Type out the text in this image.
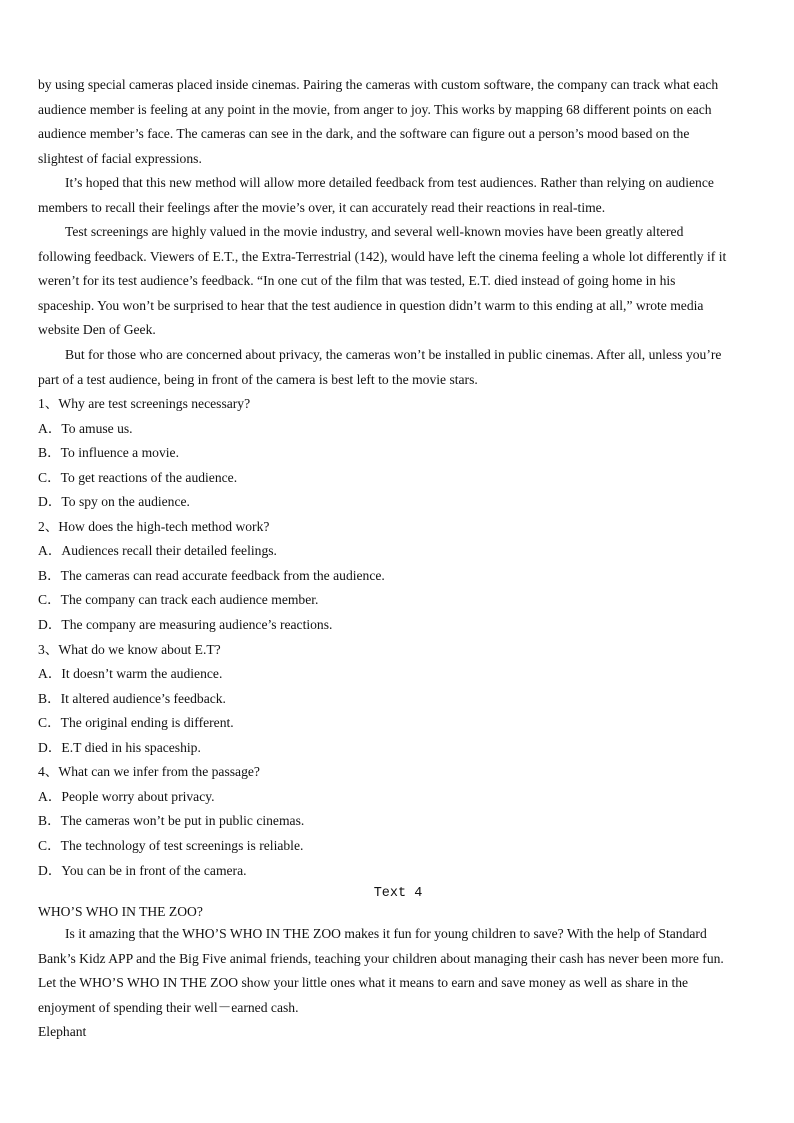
by using special cameras placed inside cinemas. Pairing the cameras with custom software, the company can track what each
audience member is feeling at any point in the movie, from anger to joy. This works by mapping 68 different points on each
audience member’s face. The cameras can see in the dark, and the software can figure out a person’s mood based on the
slightest of facial expressions.
It’s hoped that this new method will allow more detailed feedback from test audiences. Rather than relying on audience
members to recall their feelings after the movie’s over, it can accurately read their reactions in real-time.
Test screenings are highly valued in the movie industry, and several well-known movies have been greatly altered
following feedback. Viewers of E.T., the Extra-Terrestrial (142), would have left the cinema feeling a whole lot differently if it
weren’t for its test audience’s feedback. “In one cut of the film that was tested, E.T. died instead of going home in his
spaceship. You won’t be surprised to hear that the test audience in question didn’t warm to this ending at all,” wrote media
website Den of Geek.
But for those who are concerned about privacy, the cameras won’t be installed in public cinemas. After all, unless you’re
part of a test audience, being in front of the camera is best left to the movie stars.
1、Why are test screenings necessary?
A．To amuse us.
B．To influence a movie.
C．To get reactions of the audience.
D．To spy on the audience.
2、How does the high-tech method work?
A．Audiences recall their detailed feelings.
B．The cameras can read accurate feedback from the audience.
C．The company can track each audience member.
D．The company are measuring audience’s reactions.
3、What do we know about E.T?
A．It doesn’t warm the audience.
B．It altered audience’s feedback.
C．The original ending is different.
D．E.T died in his spaceship.
4、What can we infer from the passage?
A．People worry about privacy.
B．The cameras won’t be put in public cinemas.
C．The technology of test screenings is reliable.
D．You can be in front of the camera.
Text 4
WHO’S WHO IN THE ZOO?
Is it amazing that the WHO’S WHO IN THE ZOO makes it fun for young children to save? With the help of Standard
Bank’s Kidz APP and the Big Five animal friends, teaching your children about managing their cash has never been more fun.
Let the WHO’S WHO IN THE ZOO show your little ones what it means to earn and save money as well as share in the
enjoyment of spending their well－earned cash.
Elephant
